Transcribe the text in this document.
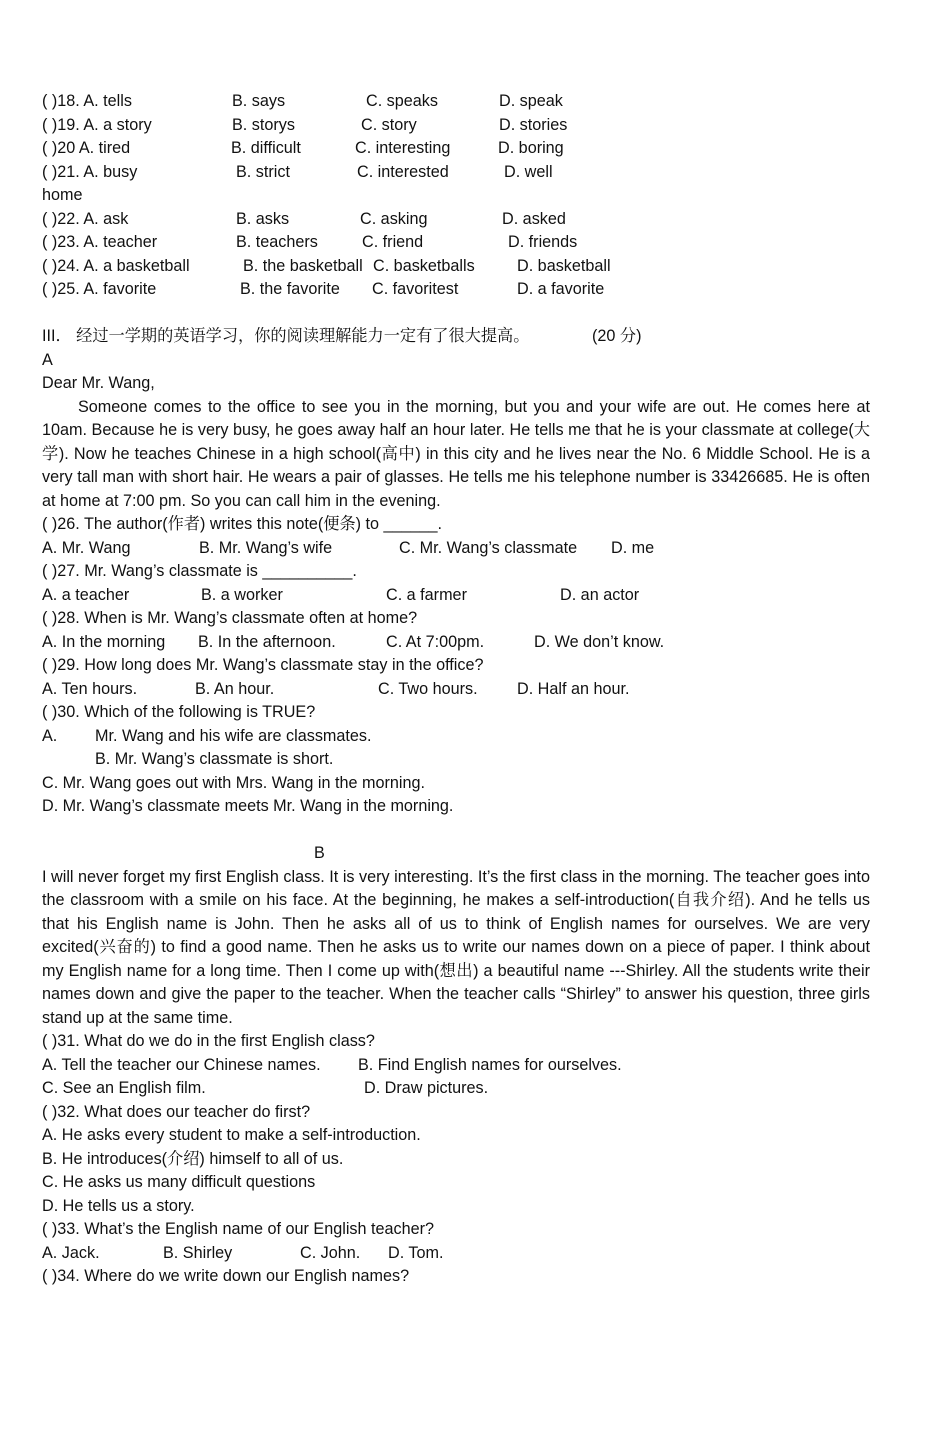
( )18. A. tells	B. says	C. speaks	D. speak
( )19. A. a story	B. storys	C. story	D. stories
( )20 A. tired	B. difficult	C. interesting	D. boring
( )21. A. busy	B. strict	C. interested	D. well
home
( )22. A. ask	B. asks	C. asking	D. asked
( )23. A. teacher	B. teachers	C. friend	D. friends
( )24. A. a basketball	B. the basketball C. basketballs	D. basketball
( )25. A. favorite	B. the favorite C. favoritest	D. a favorite
III． 经过一学期的英语学习，你的阅读理解能力一定有了很大提高。	(20 分)
A
Dear Mr. Wang,
Someone comes to the office to see you in the morning, but you and your wife are out. He comes here at 10am. Because he is very busy, he goes away half an hour later. He tells me that he is your classmate at college(大学). Now he teaches Chinese in a high school(高中) in this city and he lives near the No. 6 Middle School. He is a very tall man with short hair. He wears a pair of glasses. He tells me his telephone number is 33426685. He is often at home at 7:00 pm. So you can call him in the evening.
( )26. The author(作者) writes this note(便条) to ______.
A. Mr. Wang	B. Mr. Wang’s wife	C. Mr. Wang’s classmate D. me
( )27. Mr. Wang’s classmate is __________.
A. a teacher	B. a worker	C. a farmer	D. an actor
( )28. When is Mr. Wang’s classmate often at home?
A. In the morning B. In the afternoon.	C. At 7:00pm.	D. We don’t know.
( )29. How long does Mr. Wang’s classmate stay in the office?
A. Ten hours.	B. An hour.	C. Two hours. D. Half an hour.
( )30. Which of the following is TRUE?
A. Mr. Wang and his wife are classmates.
B. Mr. Wang’s classmate is short.
C. Mr. Wang goes out with Mrs. Wang in the morning.
D. Mr. Wang’s classmate meets Mr. Wang in the morning.
B
I will never forget my first English class. It is very interesting. It’s the first class in the morning. The teacher goes into the classroom with a smile on his face. At the beginning, he makes a self-introduction(自我介绍). And he tells us that his English name is John. Then he asks all of us to think of English names for ourselves. We are very excited(兴奋的) to find a good name. Then he asks us to write our names down on a piece of paper. I think about my English name for a long time. Then I come up with(想出) a beautiful name ---Shirley. All the students write their names down and give the paper to the teacher. When the teacher calls “Shirley” to answer his question, three girls stand up at the same time.
( )31. What do we do in the first English class?
A. Tell the teacher our Chinese names. B. Find English names for ourselves.
C. See an English film.	D. Draw pictures.
( )32. What does our teacher do first?
A. He asks every student to make a self-introduction.
B. He introduces(介绍) himself to all of us.
C. He asks us many difficult questions
D. He tells us a story.
( )33. What’s the English name of our English teacher?
A. Jack.	B. Shirley	C. John. D. Tom.
( )34. Where do we write down our English names?
